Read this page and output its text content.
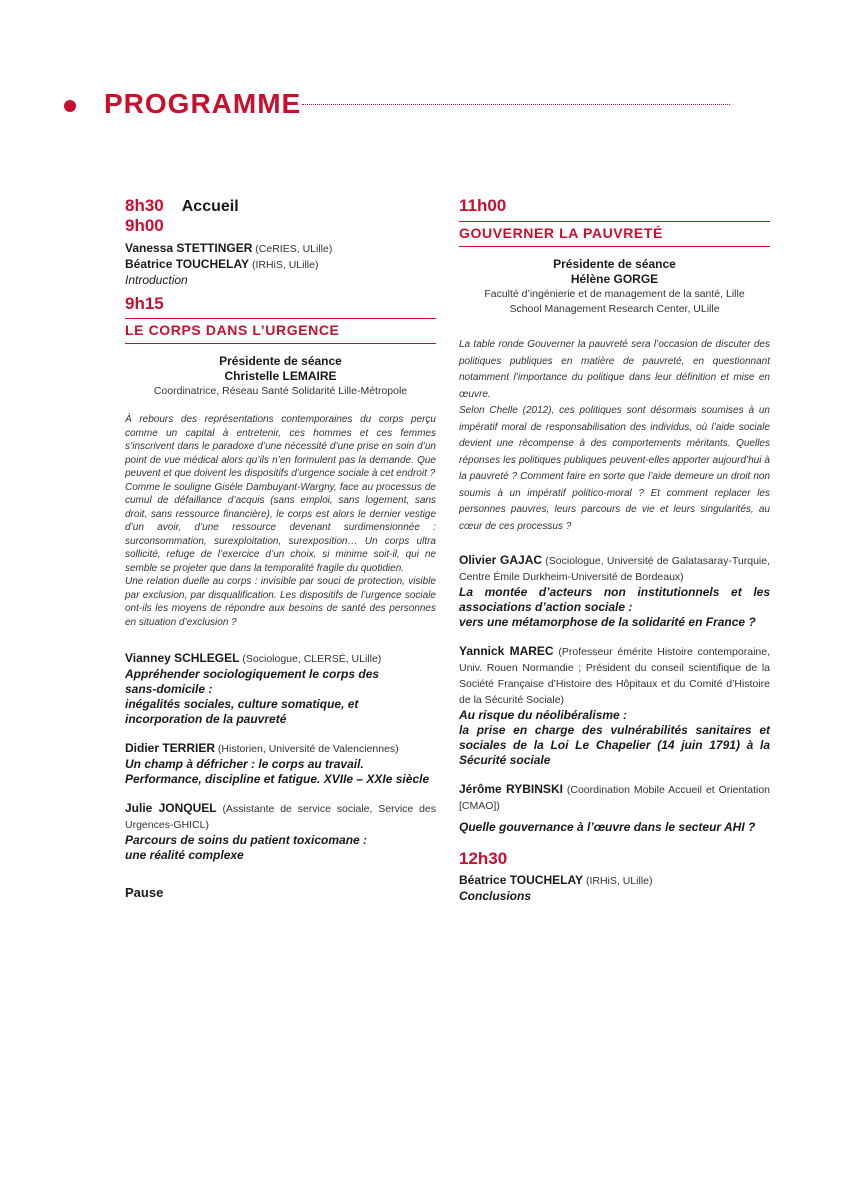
PROGRAMME
8h30
9h00
Accueil
Vanessa STETTINGER (CeRIES, ULille)
Béatrice TOUCHELAY (IRHiS, ULille)
Introduction
9h15
LE CORPS DANS L’URGENCE
Présidente de séance
Christelle LEMAIRE
Coordinatrice, Réseau Santé Solidarité Lille-Métropole
À rebours des représentations contemporaines du corps perçu comme un capital à entretenir, ces hommes et ces femmes s’inscrivent dans le paradoxe d’une nécessité d’une prise en soin d’un point de vue médical alors qu’ils n’en formulent pas la demande. Que peuvent et que doivent les dispositifs d’urgence sociale à cet endroit ?
Comme le souligne Gisèle Dambuyant-Wargny, face au processus de cumul de défaillance d’acquis (sans emploi, sans logement, sans droit, sans ressource financière), le corps est alors le dernier vestige d’un avoir, d’une ressource devenant surdimensionnée : surconsommation, surexploitation, surexposition… Un corps ultra sollicité, refuge de l’exercice d’un choix, si minime soit-il, qui ne semble se projeter que dans la temporalité fragile du quotidien.
Une relation duelle au corps : invisible par souci de protection, visible par exclusion, par disqualification. Les dispositifs de l’urgence sociale ont-ils les moyens de répondre aux besoins de santé des personnes en situation d’exclusion ?
Vianney SCHLEGEL (Sociologue, CLERSÉ, ULille)
Appréhender sociologiquement le corps des
sans-domicile :
inégalités sociales, culture somatique, et incorporation de la pauvreté
Didier TERRIER (Historien, Université de Valenciennes)
Un champ à défricher : le corps au travail.
Performance, discipline et fatigue. XVIIe – XXIe siècle
Julie JONQUEL (Assistante de service sociale, Service des Urgences-GHICL)
Parcours de soins du patient toxicomane :
une réalité complexe
Pause
11h00
GOUVERNER LA PAUVRETÉ
Présidente de séance
Hélène GORGE
Faculté d’ingénierie et de management de la santé, Lille
School Management Research Center, ULille
La table ronde Gouverner la pauvreté sera l’occasion de discuter des politiques publiques en matière de pauvreté, en questionnant notamment l’importance du politique dans leur définition et mise en œuvre.
Selon Chelle (2012), ces politiques sont désormais soumises à un impératif moral de responsabilisation des individus, où l’aide sociale devient une récompense à des comportements méritants. Quelles réponses les politiques publiques peuvent-elles apporter aujourd’hui à la pauvreté ? Comment faire en sorte que l’aide demeure un droit non soumis à un impératif politico-moral ? Et comment replacer les personnes pauvres, leurs parcours de vie et leurs singularités, au cœur de ces processus ?
Olivier GAJAC (Sociologue, Université de Galatasaray-Turquie, Centre Émile Durkheim-Université de Bordeaux)
La montée d’acteurs non institutionnels et les associations d’action sociale :
vers une métamorphose de la solidarité en France ?
Yannick MAREC (Professeur émérite Histoire contemporaine, Univ. Rouen Normandie ; Président du conseil scientifique de la Société Française d’Histoire des Hôpitaux et du Comité d’Histoire de la Sécurité Sociale)
Au risque du néolibéralisme :
la prise en charge des vulnérabilités sanitaires et sociales de la Loi Le Chapelier (14 juin 1791) à la Sécurité sociale
Jérôme RYBINSKI (Coordination Mobile Accueil et Orientation [CMAO])
Quelle gouvernance à l’œuvre dans le secteur AHI ?
12h30
Béatrice TOUCHELAY (IRHiS, ULille)
Conclusions
